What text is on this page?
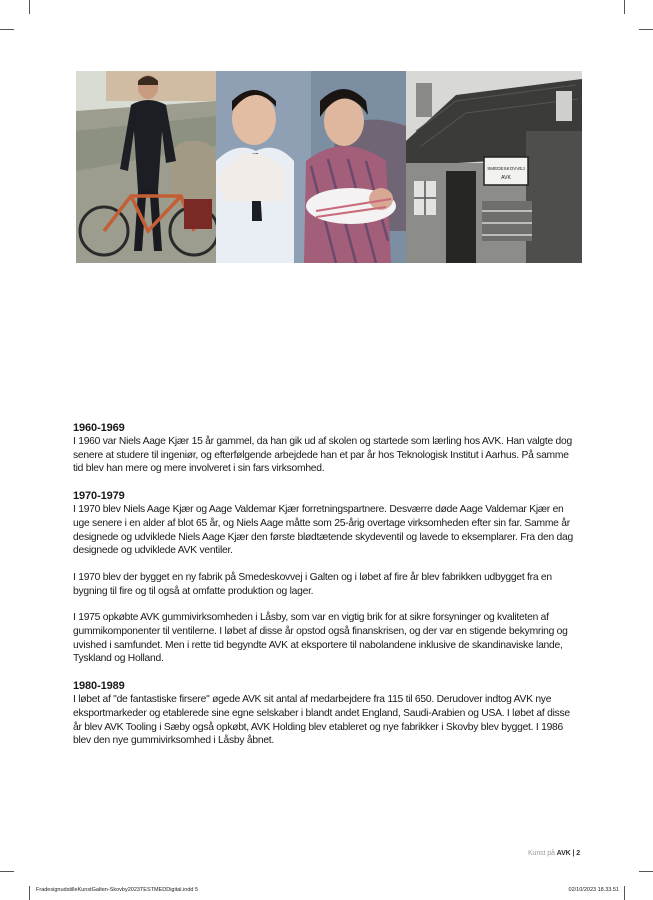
SMEDESKOVVEJ
AVK

1960-1969

I 1960 var Niels Aage Kjær 15 år gammel, da han gik ud af skolen og startede som lærling hos AVK. Han valgte dog senere at studere til ingeniør, og efterfølgende arbejdede han et par år hos Teknologisk Institut i Aarhus. På samme tid blev han mere og mere involveret i sin fars virksomhed.

1970-1979

I 1970 blev Niels Aage Kjær og Aage Valdemar Kjær forretningspartnere. Desværre døde Aage Valdemar Kjær en uge senere i en alder af blot 65 år, og Niels Aage måtte som 25-årig overtage virksomheden efter sin far. Samme år designede og udviklede Niels Aage Kjær den første blødtætende skydeventil og lavede to eksemplarer. Fra den dag designede og udviklede AVK ventiler.

I 1970 blev der bygget en ny fabrik på Smedeskovvej i Galten og i løbet af fire år blev fabrikken udbygget fra en bygning til fire og til også at omfatte produktion og lager.

I 1975 opkøbte AVK gummivirksomheden i Låsby, som var en vigtig brik for at sikre forsyninger og kvaliteten af gummikomponenter til ventilerne. I løbet af disse år opstod også finanskrisen, og der var en stigende bekymring og uvished i samfundet. Men i rette tid begyndte AVK at eksportere til nabolandene inklusive de skandinaviske lande, Tyskland og Holland.

1980-1989

I løbet af "de fantastiske firsere" øgede AVK sit antal af medarbejdere fra 115 til 650. Derudover indtog AVK nye eksportmarkeder og etablerede sine egne selskaber i blandt andet England, Saudi-Arabien og USA. I løbet af disse år blev AVK Tooling i Sæby også opkøbt, AVK Holding blev etableret og nye fabrikker i Skovby blev bygget. I 1986 blev den nye gummivirksomhed i Låsby åbnet.

Kunst på AVK | 2
FradesignudstilleKunstGalten-Skovby2023TESTMEDDigital.indd 5	02/10/2023 18.33.51
